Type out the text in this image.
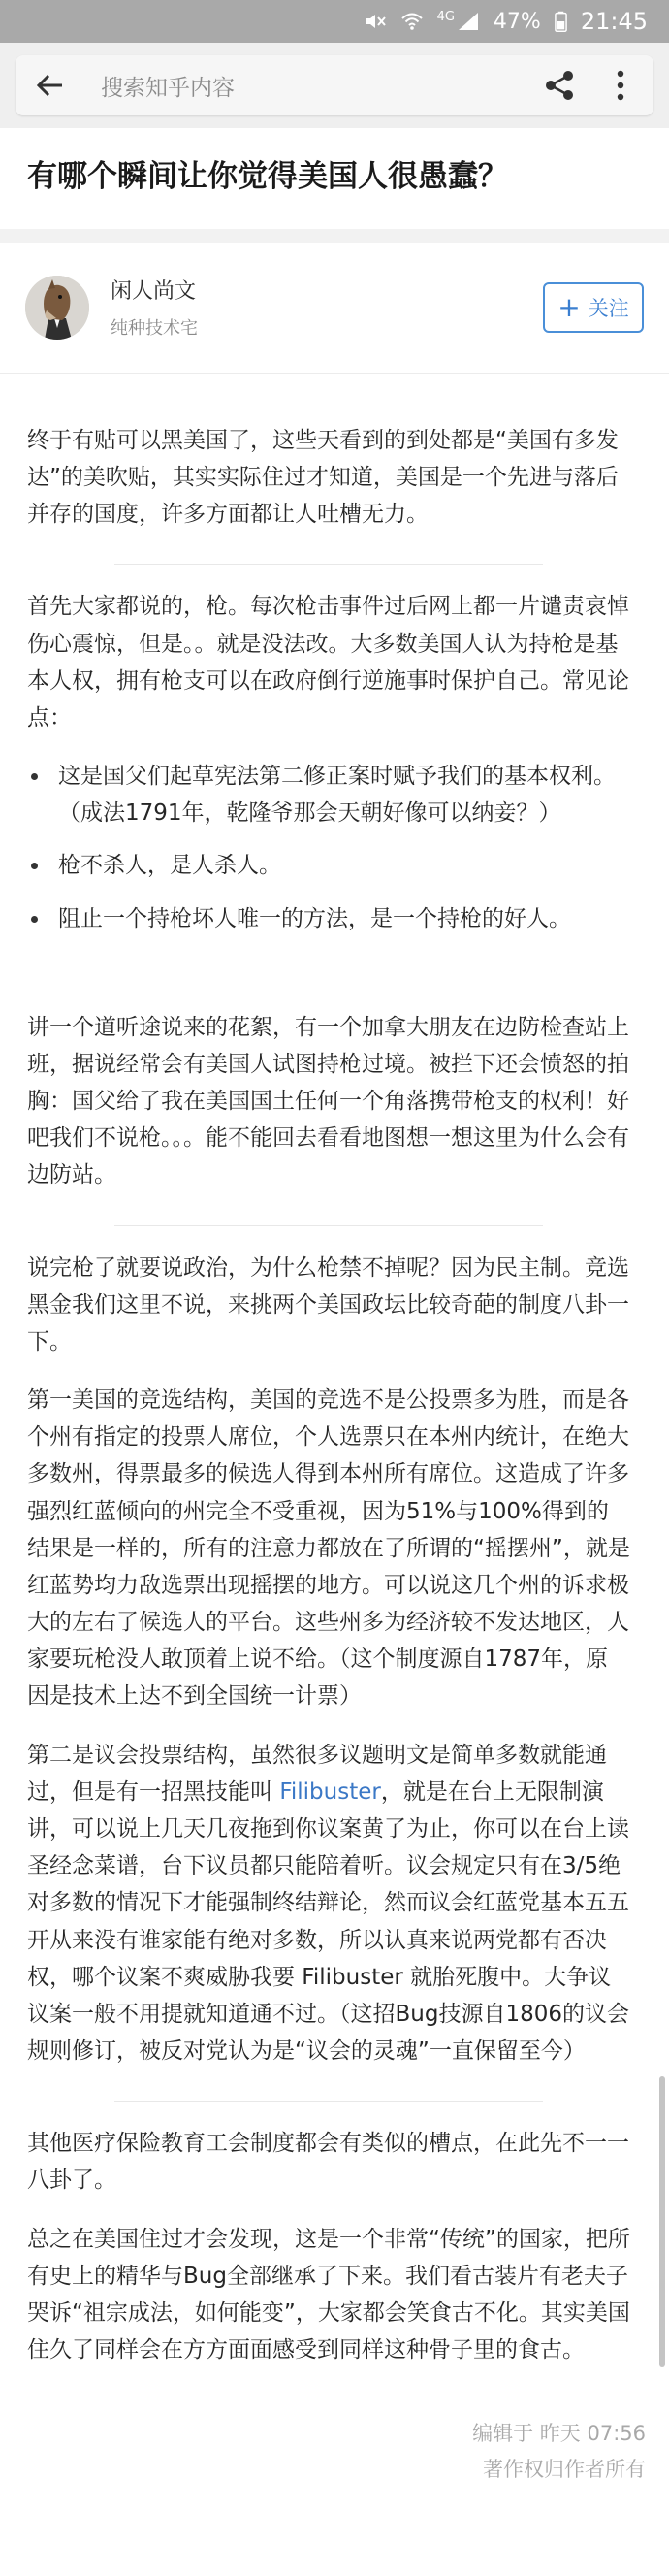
4G 47% 21:45
搜索知乎内容
有哪个瞬间让你觉得美国人很愚蠢？
闲人尚文
纯种技术宅
+ 关注

终于有贴可以黑美国了，这些天看到的到处都是“美国有多发达”的美吹贴，其实实际住过才知道，美国是一个先进与落后并存的国度，许多方面都让人吐槽无力。

首先大家都说的，枪。每次枪击事件过后网上都一片谴责哀悼伤心震惊，但是。。就是没法改。大多数美国人认为持枪是基本人权，拥有枪支可以在政府倒行逆施事时保护自己。常见论点：

这是国父们起草宪法第二修正案时赋予我们的基本权利。（成法1791年，乾隆爷那会天朝好像可以纳妾？）
枪不杀人，是人杀人。
阻止一个持枪坏人唯一的方法，是一个持枪的好人。

讲一个道听途说来的花絮，有一个加拿大朋友在边防检查站上班，据说经常会有美国人试图持枪过境。被拦下还会愤怒的拍胸：国父给了我在美国国土任何一个角落携带枪支的权利！好吧我们不说枪。。。能不能回去看看地图想一想这里为什么会有边防站。

说完枪了就要说政治，为什么枪禁不掉呢？因为民主制。竞选黑金我们这里不说，来挑两个美国政坛比较奇葩的制度八卦一下。

第一美国的竞选结构，美国的竞选不是公投票多为胜，而是各个州有指定的投票人席位，个人选票只在本州内统计，在绝大多数州，得票最多的候选人得到本州所有席位。这造成了许多强烈红蓝倾向的州完全不受重视，因为51%与100%得到的结果是一样的，所有的注意力都放在了所谓的“摇摆州”，就是红蓝势均力敌选票出现摇摆的地方。可以说这几个州的诉求极大的左右了候选人的平台。这些州多为经济较不发达地区，人家要玩枪没人敢顶着上说不给。（这个制度源自1787年，原因是技术上达不到全国统一计票）

第二是议会投票结构，虽然很多议题明文是简单多数就能通过，但是有一招黑技能叫 Filibuster，就是在台上无限制演讲，可以说上几天几夜拖到你议案黄了为止，你可以在台上读圣经念菜谱，台下议员都只能陪着听。议会规定只有在3/5绝对多数的情况下才能强制终结辩论，然而议会红蓝党基本五五开从来没有谁家能有绝对多数，所以认真来说两党都有否决权，哪个议案不爽威胁我要 Filibuster 就胎死腹中。大争议议案一般不用提就知道通不过。（这招Bug技源自1806的议会规则修订，被反对党认为是“议会的灵魂”一直保留至今）

其他医疗保险教育工会制度都会有类似的槽点，在此先不一一八卦了。

总之在美国住过才会发现，这是一个非常“传统”的国家，把所有史上的精华与Bug全部继承了下来。我们看古装片有老夫子哭诉“祖宗成法，如何能变”，大家都会笑食古不化。其实美国住久了同样会在方方面面感受到同样这种骨子里的食古。

编辑于 昨天 07:56
著作权归作者所有
